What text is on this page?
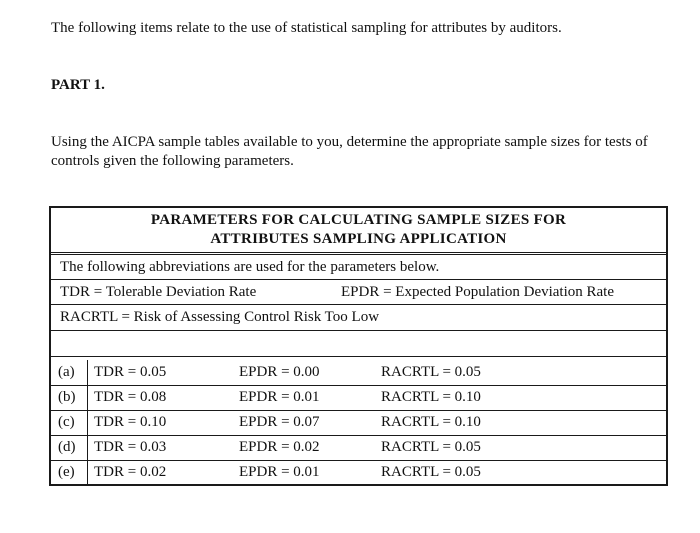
The following items relate to the use of statistical sampling for attributes by auditors.
PART 1.
Using the AICPA sample tables available to you, determine the appropriate sample sizes for tests of controls given the following parameters.
PARAMETERS FOR CALCULATING SAMPLE SIZES FOR
ATTRIBUTES SAMPLING APPLICATION
The following abbreviations are used for the parameters below.
TDR = Tolerable Deviation Rate	EPDR = Expected Population Deviation Rate
RACRTL = Risk of Assessing Control Risk Too Low
(a) TDR = 0.05	EPDR = 0.00	RACRTL = 0.05
(b) TDR = 0.08	EPDR = 0.01	RACRTL = 0.10
(c) TDR = 0.10	EPDR = 0.07	RACRTL = 0.10
(d) TDR = 0.03	EPDR = 0.02	RACRTL = 0.05
(e) TDR = 0.02	EPDR = 0.01	RACRTL = 0.05
